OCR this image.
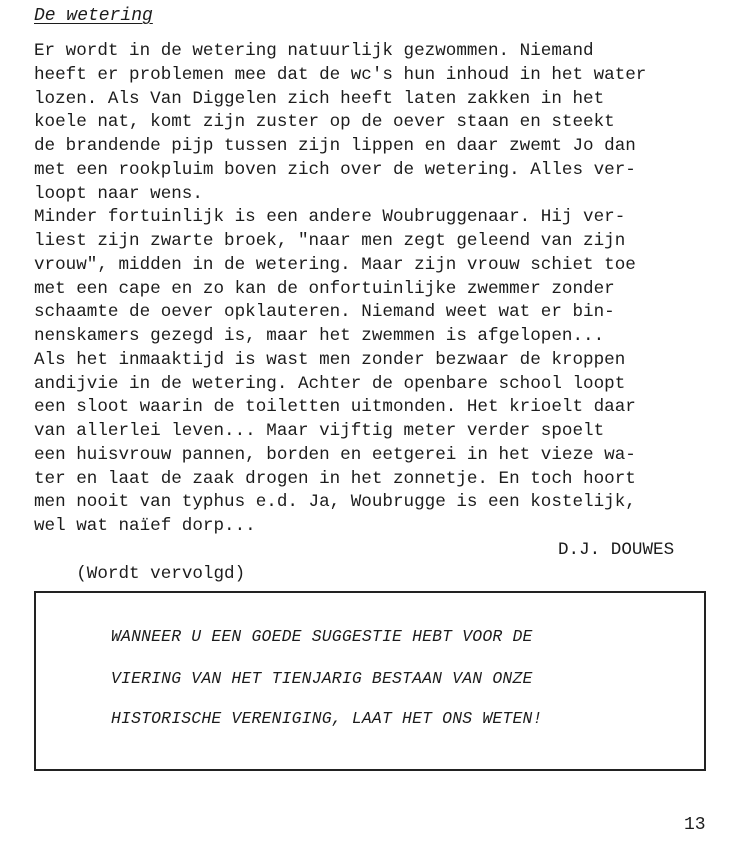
De wetering
Er wordt in de wetering natuurlijk gezwommen. Niemand
heeft er problemen mee dat de wc's hun inhoud in het water
lozen. Als Van Diggelen zich heeft laten zakken in het
koele nat, komt zijn zuster op de oever staan en steekt
de brandende pijp tussen zijn lippen en daar zwemt Jo dan
met een rookpluim boven zich over de wetering. Alles ver-
loopt naar wens.
Minder fortuinlijk is een andere Woubruggenaar. Hij ver-
liest zijn zwarte broek, "naar men zegt geleend van zijn
vrouw", midden in de wetering. Maar zijn vrouw schiet toe
met een cape en zo kan de onfortuinlijke zwemmer zonder
schaamte de oever opklauteren. Niemand weet wat er bin-
nenskamers gezegd is, maar het zwemmen is afgelopen...
Als het inmaaktijd is wast men zonder bezwaar de kroppen
andijvie in de wetering. Achter de openbare school loopt
een sloot waarin de toiletten uitmonden. Het krioelt daar
van allerlei leven... Maar vijftig meter verder spoelt
een huisvrouw pannen, borden en eetgerei in het vieze wa-
ter en laat de zaak drogen in het zonnetje. En toch hoort
men nooit van typhus e.d. Ja, Woubrugge is een kostelijk,
wel wat naïef dorp...

(Wordt vervolgd)

D.J. DOUWES

WANNEER U EEN GOEDE SUGGESTIE HEBT VOOR DE
VIERING VAN HET TIENJARIG BESTAAN VAN ONZE
HISTORISCHE VERENIGING, LAAT HET ONS WETEN!
13
